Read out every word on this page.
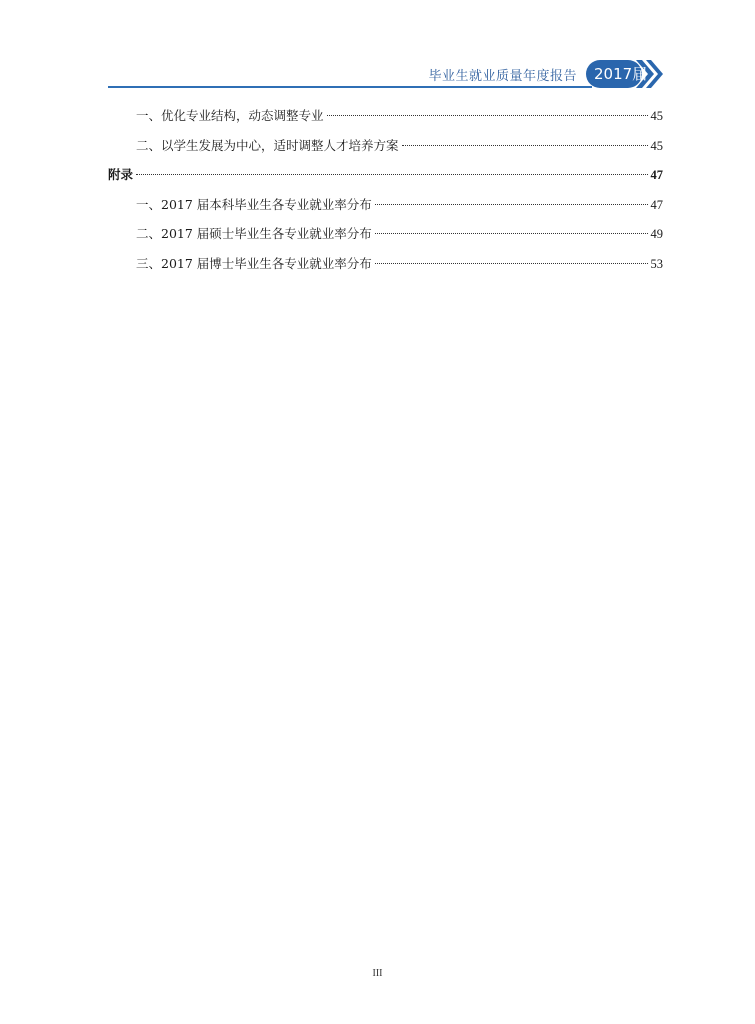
毕业生就业质量年度报告 2017届
一、优化专业结构，动态调整专业	45
二、以学生发展为中心，适时调整人才培养方案	45
附录	47
一、2017 届本科毕业生各专业就业率分布	47
二、2017 届硕士毕业生各专业就业率分布	49
三、2017 届博士毕业生各专业就业率分布	53
III
